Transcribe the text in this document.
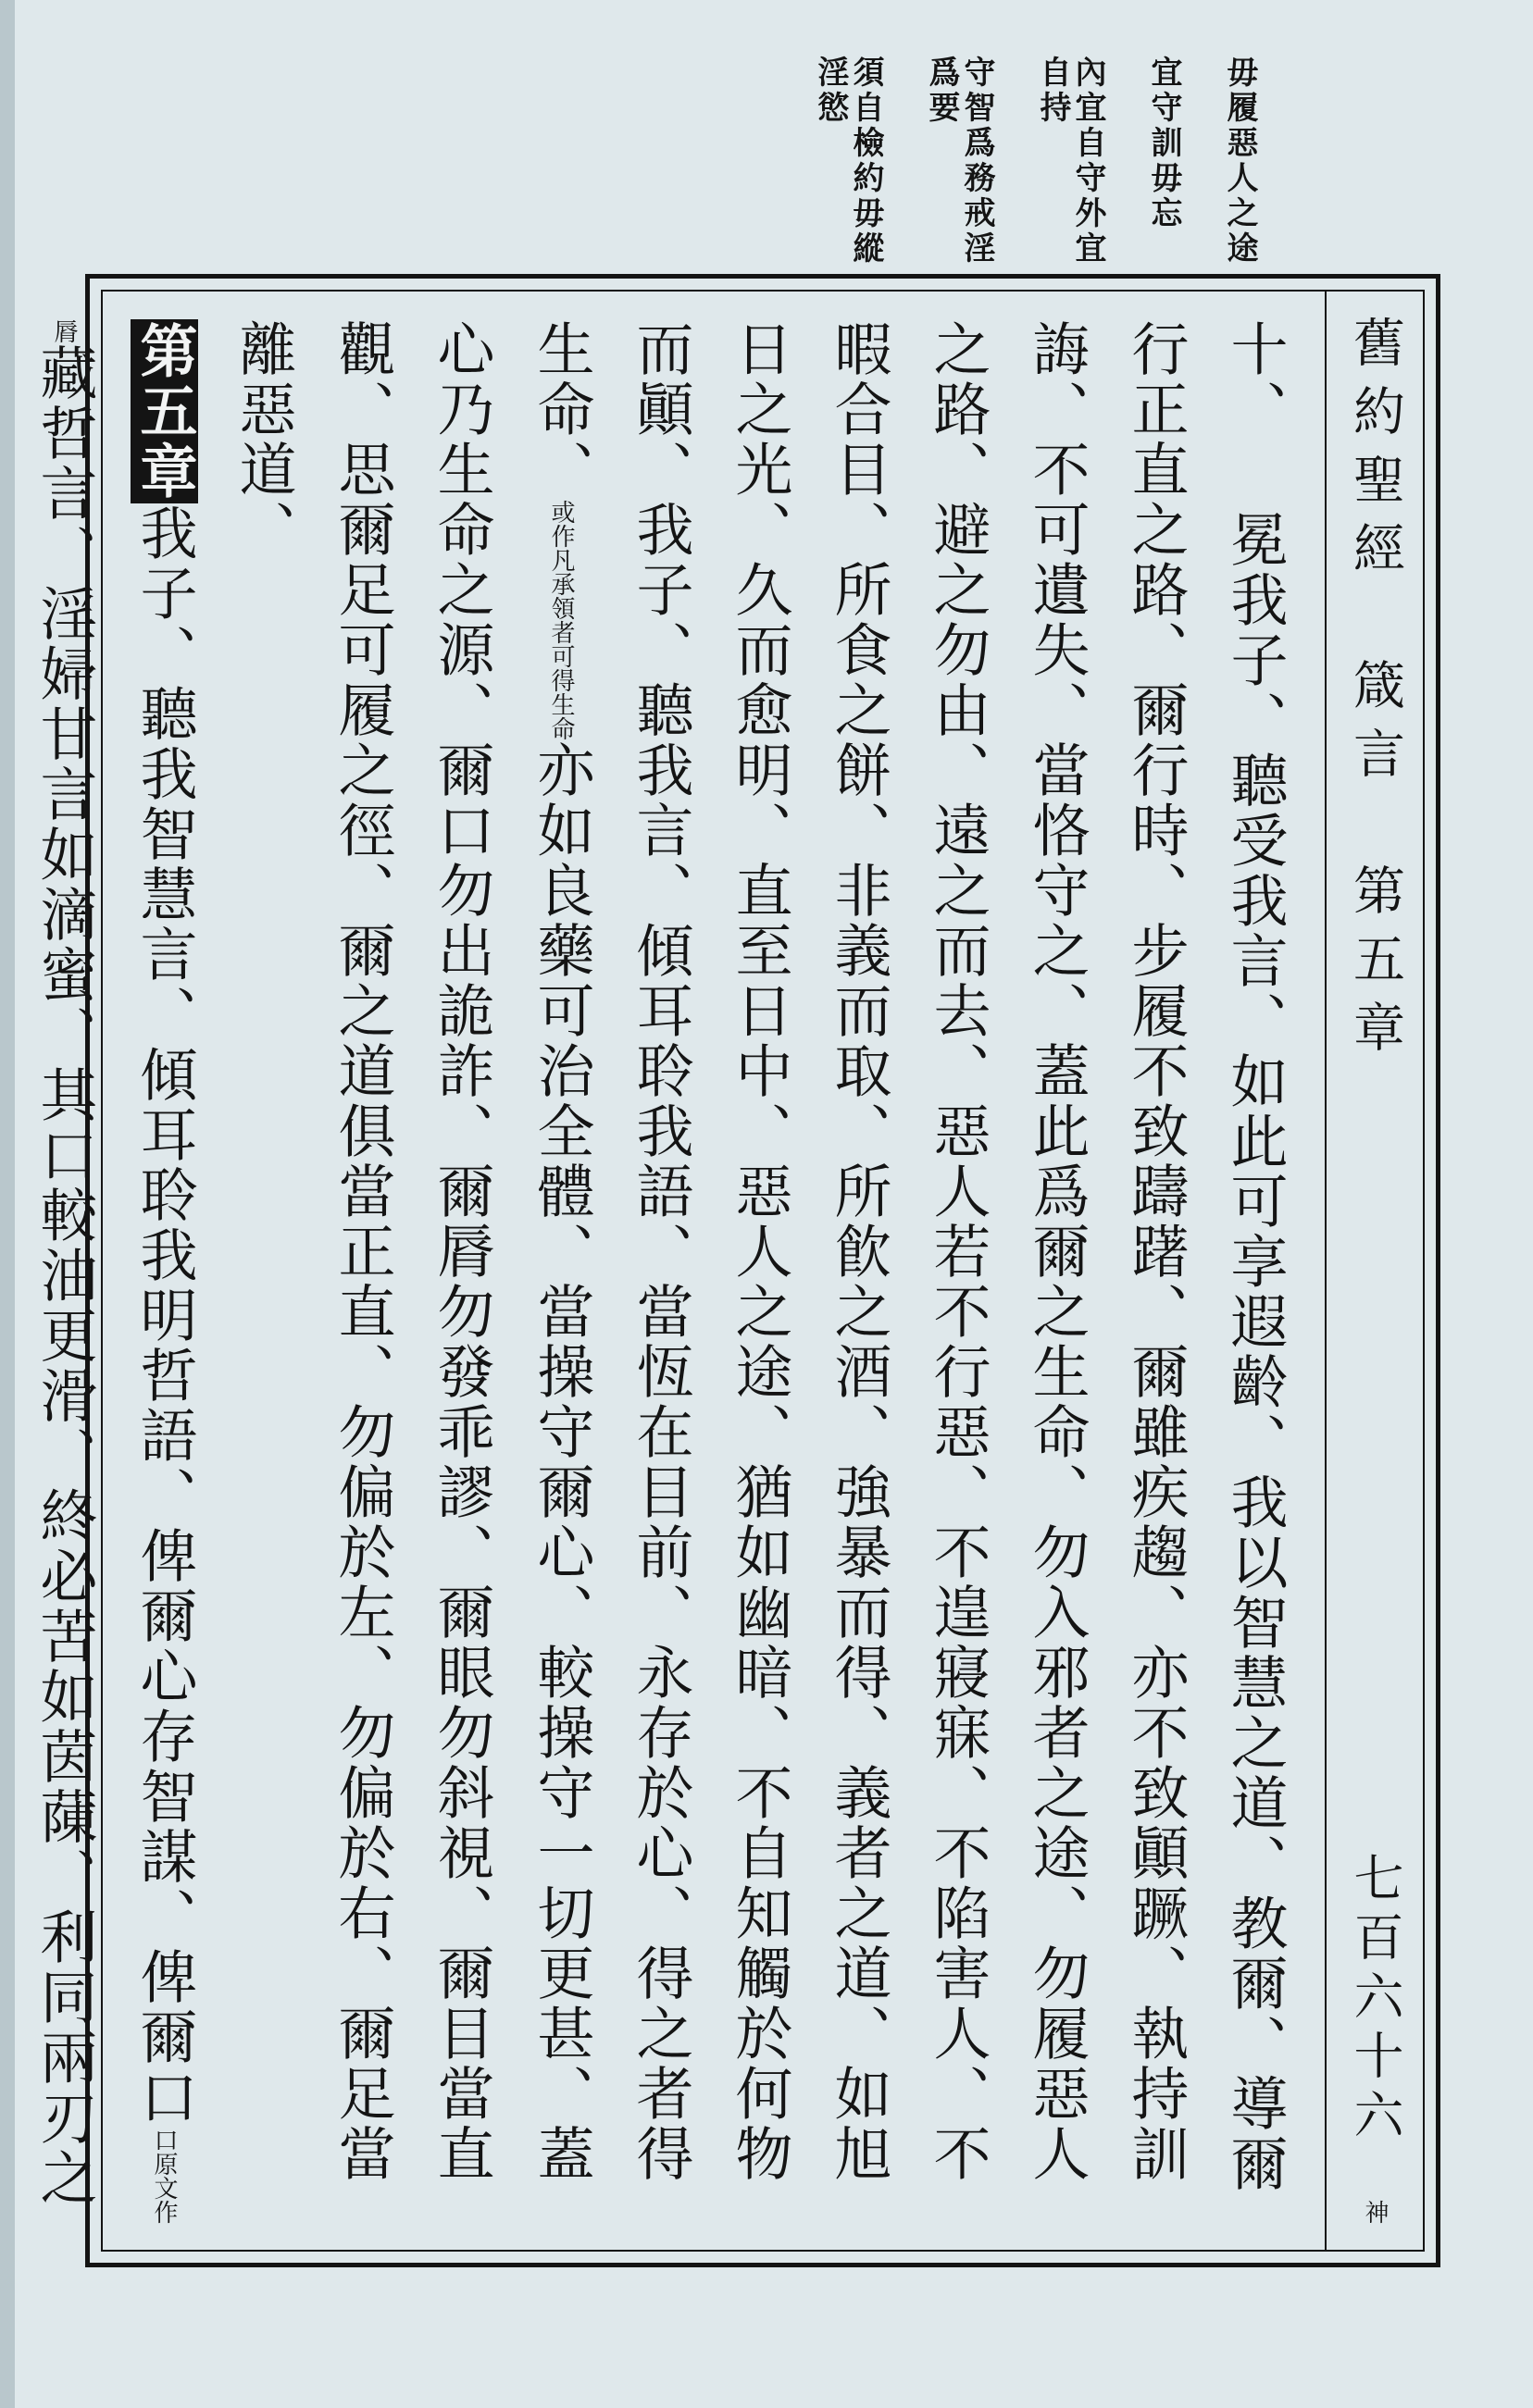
毋履惡人之途
宜守訓毋忘
內宜自守外宜自持
守智爲務戒淫爲要
須自檢約毋縱淫慾
舊約聖經　箴言　第五章
七百六十六
神

十、 冕我子、聽受我言、如此可享遐齡、我以智慧之道、教爾、導爾行正直之路、爾行時、步履不致躊躇、爾雖疾趨、亦不致顚蹶、執持訓誨、不可遺失、當恪守之、蓋此爲爾之生命、勿入邪者之途、勿履惡人之路、避之勿由、遠之而去、惡人若不行惡、不遑寢寐、不陷害人、不暇合目、所食之餅、非義而取、所飮之酒、強暴而得、義者之道、如旭日之光、久而愈明、直至日中、惡人之途、猶如幽暗、不自知觸於何物而顚、我子、聽我言、傾耳聆我語、當恆在目前、永存於心、得之者得生命、或作凡承領者可得生命亦如良藥可治全體、當操守爾心、較操守一切更甚、蓋心乃生命之源、爾口勿出詭詐、爾脣勿發乖謬、爾眼勿斜視、爾目當直觀、思爾足可履之徑、爾之道俱當正直、勿偏於左、勿偏於右、爾足當離惡道、

第五章我子、聽我智慧言、傾耳聆我明哲語、俾爾心存智謀、俾爾口口原文作脣藏哲言、淫婦甘言如滴蜜、其口較油更滑、終必苦如茵蔯、利同兩刃之
